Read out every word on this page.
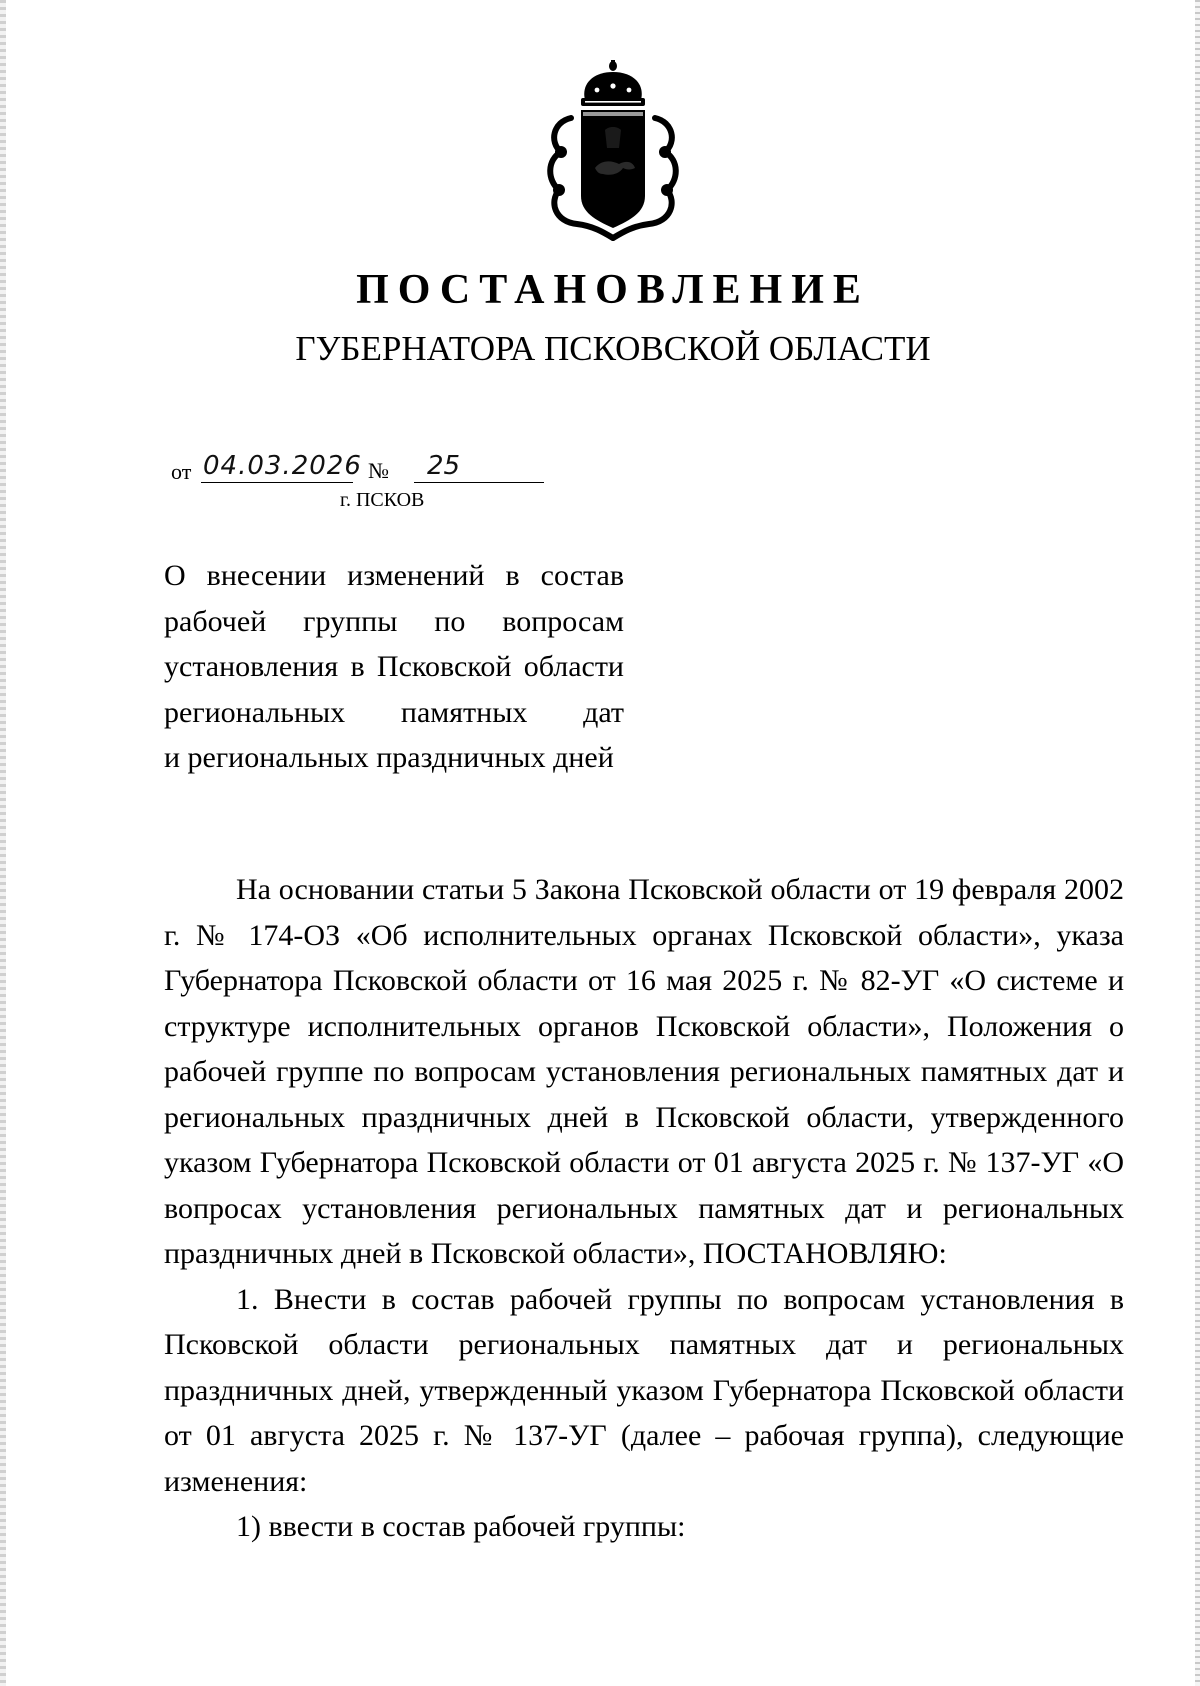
ПОСТАНОВЛЕНИЕ
ГУБЕРНАТОРА ПСКОВСКОЙ ОБЛАСТИ
от 04.03.2026 № 25
г. ПСКОВ

О внесении изменений в состав

рабочей группы по вопросам

установления в Псковской области

региональных памятных дат

и региональных праздничных дней

На основании статьи 5 Закона Псковской области от 19 февраля 2002 г. № 174-ОЗ «Об исполнительных органах Псковской области», указа Губернатора Псковской области от 16 мая 2025 г. № 82-УГ «О системе и структуре исполнительных органов Псковской области», Положения о рабочей группе по вопросам установления региональных памятных дат и региональных праздничных дней в Псковской области, утвержденного указом Губернатора Псковской области от 01 августа 2025 г. № 137-УГ «О вопросах установления региональных памятных дат и региональных праздничных дней в Псковской области», ПОСТАНОВЛЯЮ:

1. Внести в состав рабочей группы по вопросам установления в Псковской области региональных памятных дат и региональных праздничных дней, утвержденный указом Губернатора Псковской области от 01 августа 2025 г. № 137-УГ (далее – рабочая группа), следующие изменения:

1) ввести в состав рабочей группы:
